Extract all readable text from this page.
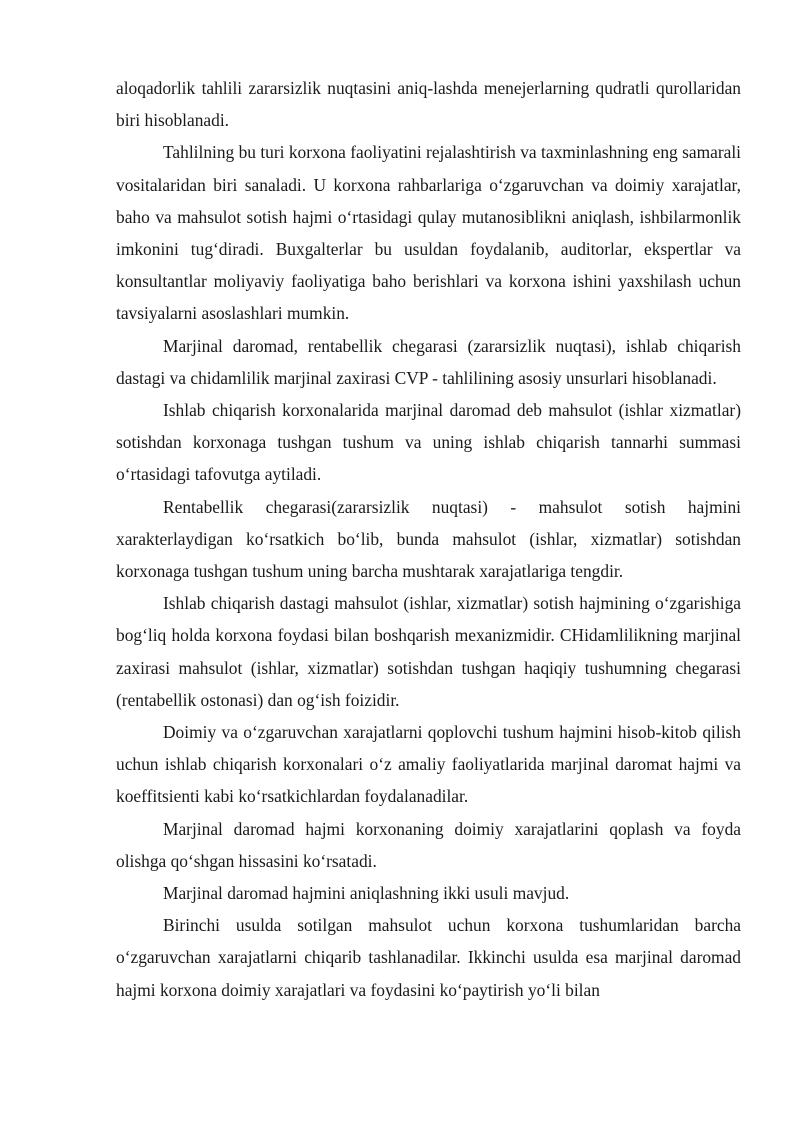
aloqadorlik tahlili zararsizlik nuqtasini aniq-lashda menejerlarning qudratli qurollaridan biri hisoblanadi.

Tahlilning bu turi korxona faoliyatini rejalashtirish va taxminlashning eng samarali vositalaridan biri sanaladi. U korxona rahbarlariga o‘zgaruvchan va doimiy xarajatlar, baho va mahsulot sotish hajmi o‘rtasidagi qulay mutanosiblikni aniqlash, ishbilarmonlik imkonini tug‘diradi. Buxgalterlar bu usuldan foydalanib, auditorlar, ekspertlar va konsultantlar moliyaviy faoliyatiga baho berishlari va korxona ishini yaxshilash uchun tavsiyalarni asoslashlari mumkin.

Marjinal daromad, rentabellik chegarasi (zararsizlik nuqtasi), ishlab chiqarish dastagi va chidamlilik marjinal zaxirasi CVP - tahlilining asosiy unsurlari hisoblanadi.

Ishlab chiqarish korxonalarida marjinal daromad deb mahsulot (ishlar xizmatlar) sotishdan korxonaga tushgan tushum va uning ishlab chiqarish tannarhi summasi o‘rtasidagi tafovutga aytiladi.

Rentabellik chegarasi(zararsizlik nuqtasi) - mahsulot sotish hajmini xarakterlaydigan ko‘rsatkich bo‘lib, bunda mahsulot (ishlar, xizmatlar) sotishdan korxonaga tushgan tushum uning barcha mushtarak xarajatlariga tengdir.

Ishlab chiqarish dastagi mahsulot (ishlar, xizmatlar) sotish hajmining o‘zgarishiga bog‘liq holda korxona foydasi bilan boshqarish mexanizmidir. CHidamlilikning marjinal zaxirasi mahsulot (ishlar, xizmatlar) sotishdan tushgan haqiqiy tushumning chegarasi (rentabellik ostonasi) dan og‘ish foizidir.

Doimiy va o‘zgaruvchan xarajatlarni qoplovchi tushum hajmini hisob-kitob qilish uchun ishlab chiqarish korxonalari o‘z amaliy faoliyatlarida marjinal daromat hajmi va koeffitsienti kabi ko‘rsatkichlardan foydalanadilar.

Marjinal daromad hajmi korxonaning doimiy xarajatlarini qoplash va foyda olishga qo‘shgan hissasini ko‘rsatadi.

Marjinal daromad hajmini aniqlashning ikki usuli mavjud.

Birinchi usulda sotilgan mahsulot uchun korxona tushumlaridan barcha o‘zgaruvchan xarajatlarni chiqarib tashlanadilar. Ikkinchi usulda esa marjinal daromad hajmi korxona doimiy xarajatlari va foydasini ko‘paytirish yo‘li bilan
